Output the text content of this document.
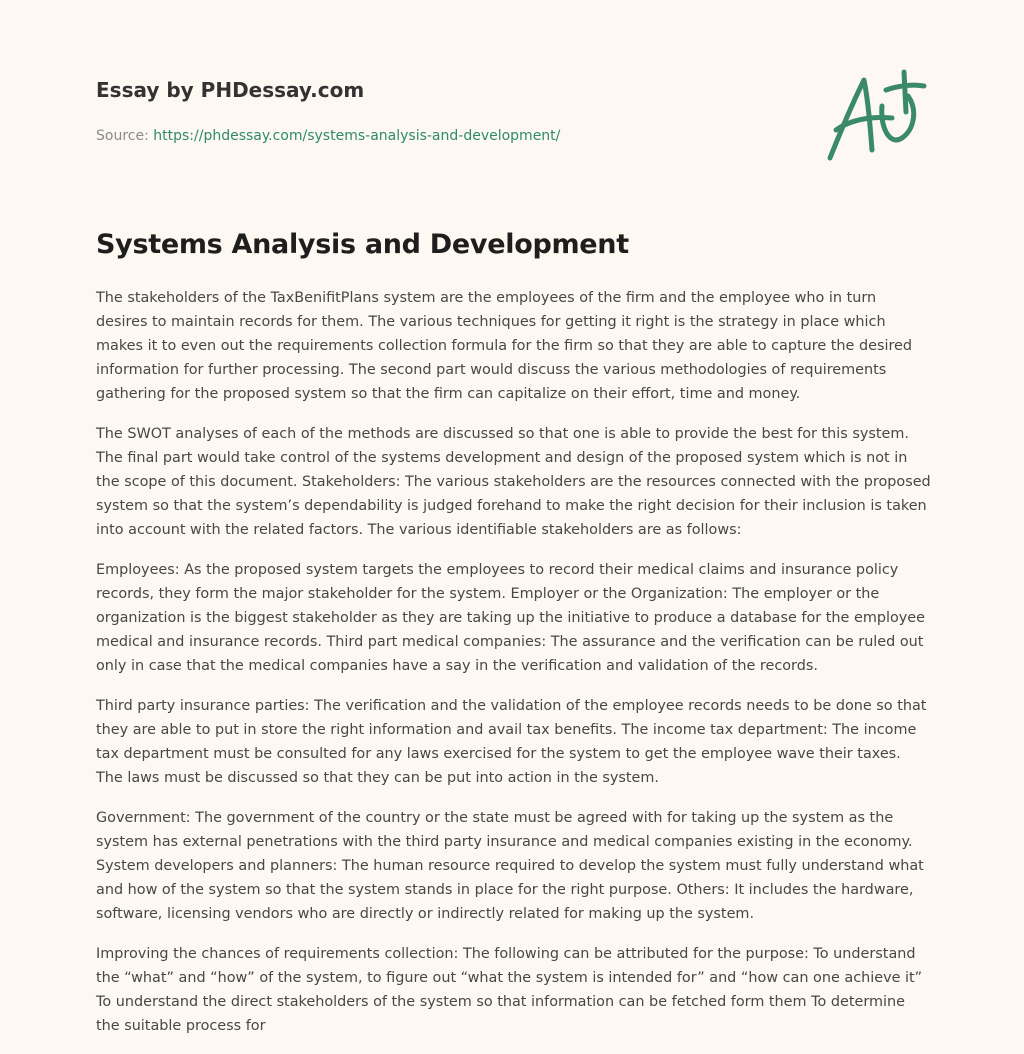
Essay by PHDessay.com
Source: https://phdessay.com/systems-analysis-and-development/
Systems Analysis and Development

The stakeholders of the TaxBenifitPlans system are the employees of the firm and the employee who in turn desires to maintain records for them. The various techniques for getting it right is the strategy in place which makes it to even out the requirements collection formula for the firm so that they are able to capture the desired information for further processing. The second part would discuss the various methodologies of requirements gathering for the proposed system so that the firm can capitalize on their effort, time and money.

The SWOT analyses of each of the methods are discussed so that one is able to provide the best for this system. The final part would take control of the systems development and design of the proposed system which is not in the scope of this document. Stakeholders: The various stakeholders are the resources connected with the proposed system so that the system’s dependability is judged forehand to make the right decision for their inclusion is taken into account with the related factors. The various identifiable stakeholders are as follows:

Employees: As the proposed system targets the employees to record their medical claims and insurance policy records, they form the major stakeholder for the system. Employer or the Organization: The employer or the organization is the biggest stakeholder as they are taking up the initiative to produce a database for the employee medical and insurance records. Third part medical companies: The assurance and the verification can be ruled out only in case that the medical companies have a say in the verification and validation of the records.

Third party insurance parties: The verification and the validation of the employee records needs to be done so that they are able to put in store the right information and avail tax benefits. The income tax department: The income tax department must be consulted for any laws exercised for the system to get the employee wave their taxes. The laws must be discussed so that they can be put into action in the system.

Government: The government of the country or the state must be agreed with for taking up the system as the system has external penetrations with the third party insurance and medical companies existing in the economy. System developers and planners: The human resource required to develop the system must fully understand what and how of the system so that the system stands in place for the right purpose. Others: It includes the hardware, software, licensing vendors who are directly or indirectly related for making up the system.

Improving the chances of requirements collection: The following can be attributed for the purpose: To understand the “what” and “how” of the system, to figure out “what the system is intended for” and “how can one achieve it” To understand the direct stakeholders of the system so that information can be fetched form them To determine the suitable process for
